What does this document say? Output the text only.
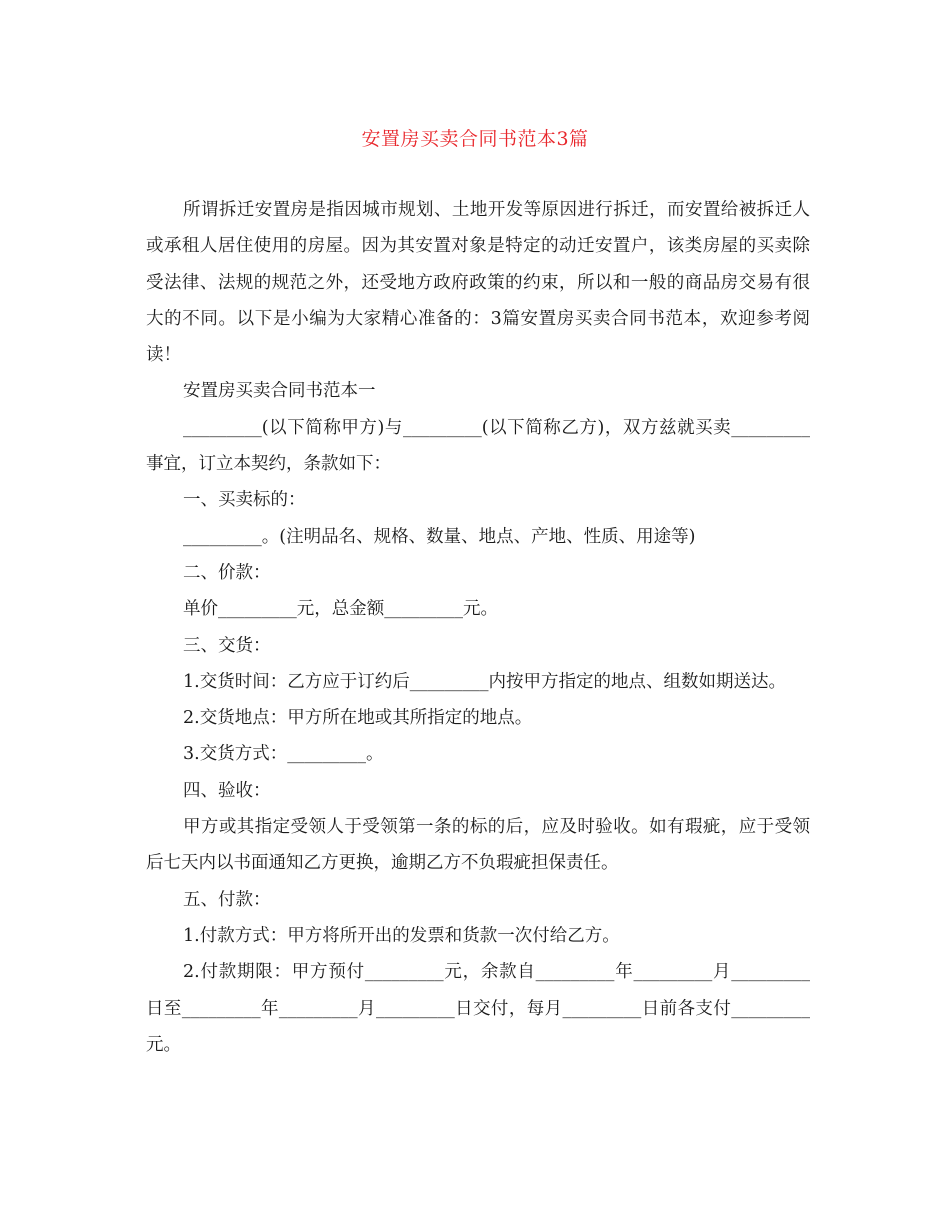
安置房买卖合同书范本3篇

所谓拆迁安置房是指因城市规划、土地开发等原因进行拆迁，而安置给被拆迁人或承租人居住使用的房屋。因为其安置对象是特定的动迁安置户，该类房屋的买卖除受法律、法规的规范之外，还受地方政府政策的约束，所以和一般的商品房交易有很大的不同。以下是小编为大家精心准备的：3篇安置房买卖合同书范本，欢迎参考阅读！

安置房买卖合同书范本一

_________(以下简称甲方)与_________(以下简称乙方)，双方兹就买卖_________事宜，订立本契约，条款如下：

一、买卖标的：

_________。(注明品名、规格、数量、地点、产地、性质、用途等)

二、价款：

单价_________元，总金额_________元。

三、交货：

1.交货时间：乙方应于订约后_________内按甲方指定的地点、组数如期送达。

2.交货地点：甲方所在地或其所指定的地点。

3.交货方式：_________。

四、验收：

甲方或其指定受领人于受领第一条的标的后，应及时验收。如有瑕疵，应于受领后七天内以书面通知乙方更换，逾期乙方不负瑕疵担保责任。

五、付款：

1.付款方式：甲方将所开出的发票和货款一次付给乙方。

2.付款期限：甲方预付_________元，余款自_________年_________月_________日至_________年_________月_________日交付，每月_________日前各支付_________元。
